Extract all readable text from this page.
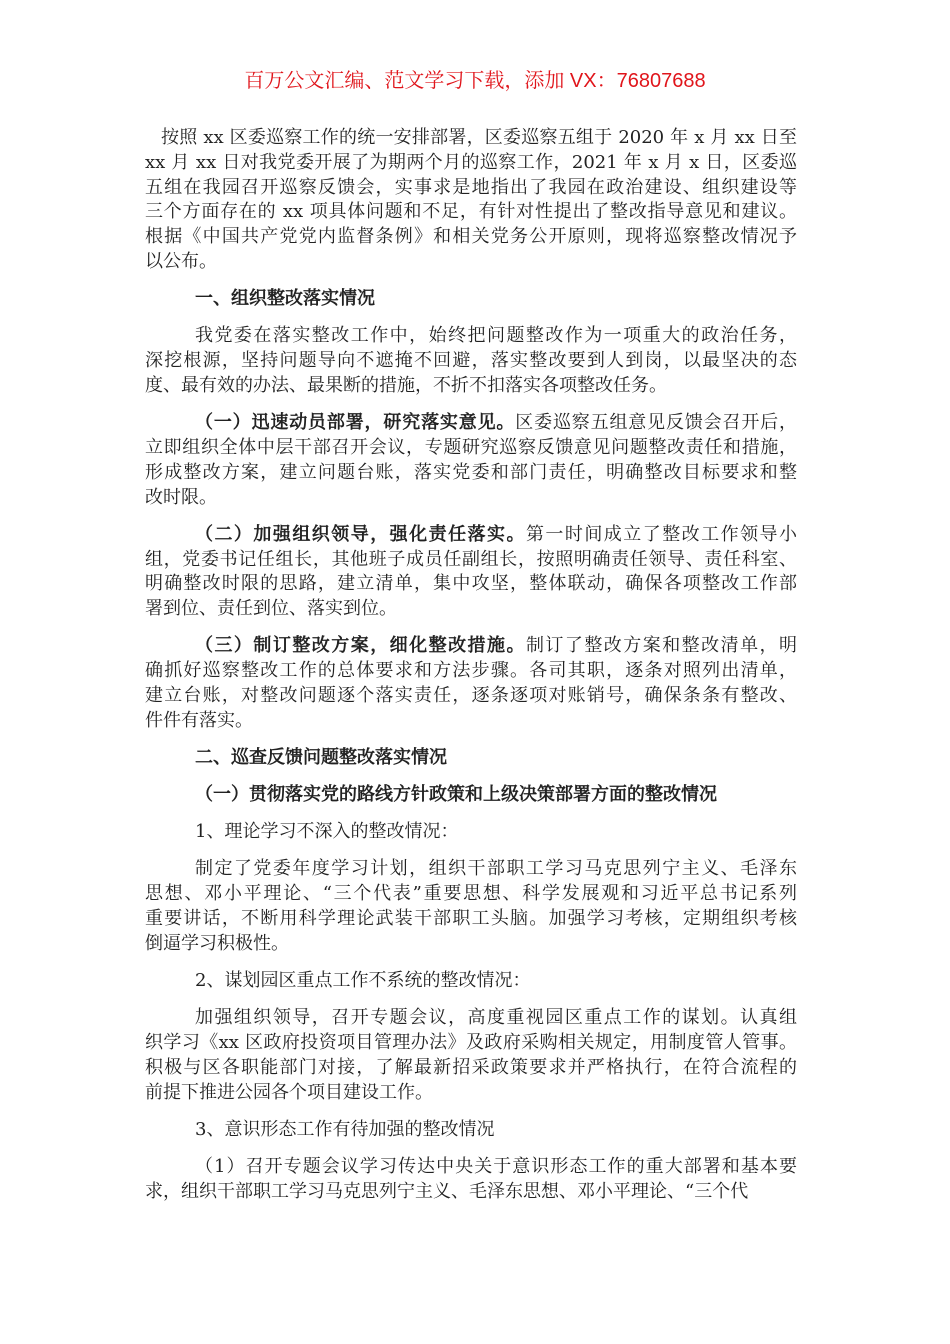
百万公文汇编、范文学习下载，添加 VX：76807688
按照 xx 区委巡察工作的统一安排部署，区委巡察五组于 2020 年 x 月 xx 日至
xx 月 xx 日对我党委开展了为期两个月的巡察工作，2021 年 x 月 x 日，区委巡
五组在我园召开巡察反馈会，实事求是地指出了我园在政治建设、组织建设等
三个方面存在的 xx 项具体问题和不足，有针对性提出了整改指导意见和建议。
根据《中国共产党党内监督条例》和相关党务公开原则，现将巡察整改情况予
以公布。
一、组织整改落实情况
我党委在落实整改工作中，始终把问题整改作为一项重大的政治任务，
深挖根源，坚持问题导向不遮掩不回避，落实整改要到人到岗，以最坚决的态
度、最有效的办法、最果断的措施，不折不扣落实各项整改任务。
（一）迅速动员部署，研究落实意见。区委巡察五组意见反馈会召开后，
立即组织全体中层干部召开会议，专题研究巡察反馈意见问题整改责任和措施，
形成整改方案，建立问题台账，落实党委和部门责任，明确整改目标要求和整
改时限。
（二）加强组织领导，强化责任落实。第一时间成立了整改工作领导小
组，党委书记任组长，其他班子成员任副组长，按照明确责任领导、责任科室、
明确整改时限的思路，建立清单，集中攻坚，整体联动，确保各项整改工作部
署到位、责任到位、落实到位。
（三）制订整改方案，细化整改措施。制订了整改方案和整改清单，明
确抓好巡察整改工作的总体要求和方法步骤。各司其职，逐条对照列出清单，
建立台账，对整改问题逐个落实责任，逐条逐项对账销号，确保条条有整改、
件件有落实。
二、巡查反馈问题整改落实情况
（一）贯彻落实党的路线方针政策和上级决策部署方面的整改情况
1、理论学习不深入的整改情况：
制定了党委年度学习计划，组织干部职工学习马克思列宁主义、毛泽东
思想、邓小平理论、“三个代表”重要思想、科学发展观和习近平总书记系列
重要讲话，不断用科学理论武装干部职工头脑。加强学习考核，定期组织考核
倒逼学习积极性。
2、谋划园区重点工作不系统的整改情况：
加强组织领导，召开专题会议，高度重视园区重点工作的谋划。认真组
织学习《xx 区政府投资项目管理办法》及政府采购相关规定，用制度管人管事。
积极与区各职能部门对接，了解最新招采政策要求并严格执行，在符合流程的
前提下推进公园各个项目建设工作。
3、意识形态工作有待加强的整改情况
（1）召开专题会议学习传达中央关于意识形态工作的重大部署和基本要
求，组织干部职工学习马克思列宁主义、毛泽东思想、邓小平理论、“三个代
